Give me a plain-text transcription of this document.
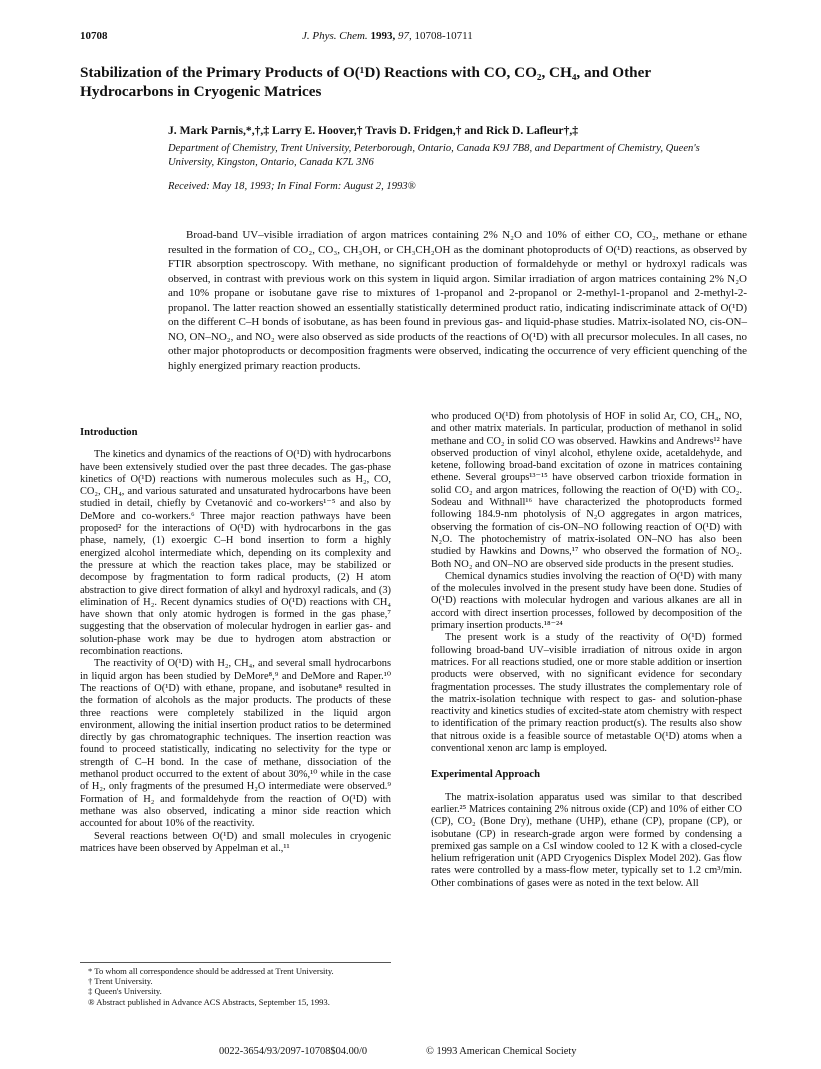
10708	J. Phys. Chem. 1993, 97, 10708-10711
Stabilization of the Primary Products of O(¹D) Reactions with CO, CO₂, CH₄, and Other Hydrocarbons in Cryogenic Matrices
J. Mark Parnis,*,†,‡ Larry E. Hoover,† Travis D. Fridgen,† and Rick D. Lafleur†,‡
Department of Chemistry, Trent University, Peterborough, Ontario, Canada K9J 7B8, and Department of Chemistry, Queen's University, Kingston, Ontario, Canada K7L 3N6
Received: May 18, 1993; In Final Form: August 2, 1993®

Broad-band UV–visible irradiation of argon matrices containing 2% N₂O and 10% of either CO, CO₂, methane or ethane resulted in the formation of CO₂, CO₃, CH₃OH, or CH₃CH₂OH as the dominant photoproducts of O(¹D) reactions, as observed by FTIR absorption spectroscopy. With methane, no significant production of formaldehyde or methyl or hydroxyl radicals was observed, in contrast with previous work on this system in liquid argon. Similar irradiation of argon matrices containing 2% N₂O and 10% propane or isobutane gave rise to mixtures of 1-propanol and 2-propanol or 2-methyl-1-propanol and 2-methyl-2-propanol. The latter reaction showed an essentially statistically determined product ratio, indicating indiscriminate attack of O(¹D) on the different C–H bonds of isobutane, as has been found in previous gas- and liquid-phase studies. Matrix-isolated NO, cis-ON–NO, ON–NO₂, and NO₂ were also observed as side products of the reactions of O(¹D) with all precursor molecules. In all cases, no other major photoproducts or decomposition fragments were observed, indicating the occurrence of very efficient quenching of the highly energized primary reaction products.

Introduction

The kinetics and dynamics of the reactions of O(¹D) with hydrocarbons have been extensively studied over the past three decades. The gas-phase kinetics of O(¹D) reactions with numerous molecules such as H₂, CO, CO₂, CH₄, and various saturated and unsaturated hydrocarbons have been studied in detail, chiefly by Cvetanović and co-workers¹⁻⁵ and also by DeMore and co-workers.⁶ Three major reaction pathways have been proposed² for the interactions of O(¹D) with hydrocarbons in the gas phase, namely, (1) exoergic C–H bond insertion to form a highly energized alcohol intermediate which, depending on its complexity and the pressure at which the reaction takes place, may be stabilized or decompose by fragmentation to form radical products, (2) H atom abstraction to give direct formation of alkyl and hydroxyl radicals, and (3) elimination of H₂. Recent dynamics studies of O(¹D) reactions with CH₄ have shown that only atomic hydrogen is formed in the gas phase,⁷ suggesting that the observation of molecular hydrogen in earlier gas- and solution-phase work may be due to hydrogen atom abstraction or recombination reactions.

The reactivity of O(¹D) with H₂, CH₄, and several small hydrocarbons in liquid argon has been studied by DeMore⁸,⁹ and DeMore and Raper.¹⁰ The reactions of O(¹D) with ethane, propane, and isobutane⁸ resulted in the formation of alcohols as the major products. The products of these three reactions were completely stabilized in the liquid argon environment, allowing the initial insertion product ratios to be determined directly by gas chromatographic techniques. The insertion reaction was found to proceed statistically, indicating no selectivity for the type or strength of C–H bond. In the case of methane, dissociation of the methanol product occurred to the extent of about 30%,¹⁰ while in the case of H₂, only fragments of the presumed H₂O intermediate were observed.⁹ Formation of H₂ and formaldehyde from the reaction of O(¹D) with methane was also observed, indicating a minor side reaction which accounted for about 10% of the reactivity.

Several reactions between O(¹D) and small molecules in cryogenic matrices have been observed by Appelman et al.,¹¹

* To whom all correspondence should be addressed at Trent University.
† Trent University.
‡ Queen's University.
® Abstract published in Advance ACS Abstracts, September 15, 1993.

who produced O(¹D) from photolysis of HOF in solid Ar, CO, CH₄, NO, and other matrix materials. In particular, production of methanol in solid methane and CO₂ in solid CO was observed. Hawkins and Andrews¹² have observed production of vinyl alcohol, ethylene oxide, acetaldehyde, and ketene, following broad-band excitation of ozone in matrices containing ethene. Several groups¹³⁻¹⁵ have observed carbon trioxide formation in solid CO₂ and argon matrices, following the reaction of O(¹D) with CO₂. Sodeau and Withnall¹⁶ have characterized the photoproducts formed following 184.9-nm photolysis of N₂O aggregates in argon matrices, observing the formation of cis-ON–NO following reaction of O(¹D) with N₂O. The photochemistry of matrix-isolated ON–NO has also been studied by Hawkins and Downs,¹⁷ who observed the formation of NO₂. Both NO₂ and ON–NO are observed side products in the present studies.

Chemical dynamics studies involving the reaction of O(¹D) with many of the molecules involved in the present study have been done. Studies of O(¹D) reactions with molecular hydrogen and various alkanes are all in accord with direct insertion processes, followed by decomposition of the primary insertion products.¹⁸⁻²⁴

The present work is a study of the reactivity of O(¹D) formed following broad-band UV–visible irradiation of nitrous oxide in argon matrices. For all reactions studied, one or more stable addition or insertion products were observed, with no significant evidence for secondary fragmentation processes. The study illustrates the complementary role of the matrix-isolation technique with respect to gas- and solution-phase reactivity and kinetics studies of excited-state atom chemistry with respect to identification of the primary reaction product(s). The results also show that nitrous oxide is a feasible source of metastable O(¹D) atoms when a conventional xenon arc lamp is employed.

Experimental Approach

The matrix-isolation apparatus used was similar to that described earlier.²⁵ Matrices containing 2% nitrous oxide (CP) and 10% of either CO (CP), CO₂ (Bone Dry), methane (UHP), ethane (CP), propane (CP), or isobutane (CP) in research-grade argon were formed by condensing a premixed gas sample on a CsI window cooled to 12 K with a closed-cycle helium refrigeration unit (APD Cryogenics Displex Model 202). Gas flow rates were controlled by a mass-flow meter, typically set to 1.2 cm³/min. Other combinations of gases were as noted in the text below. All

0022-3654/93/2097-10708$04.00/0	© 1993 American Chemical Society
